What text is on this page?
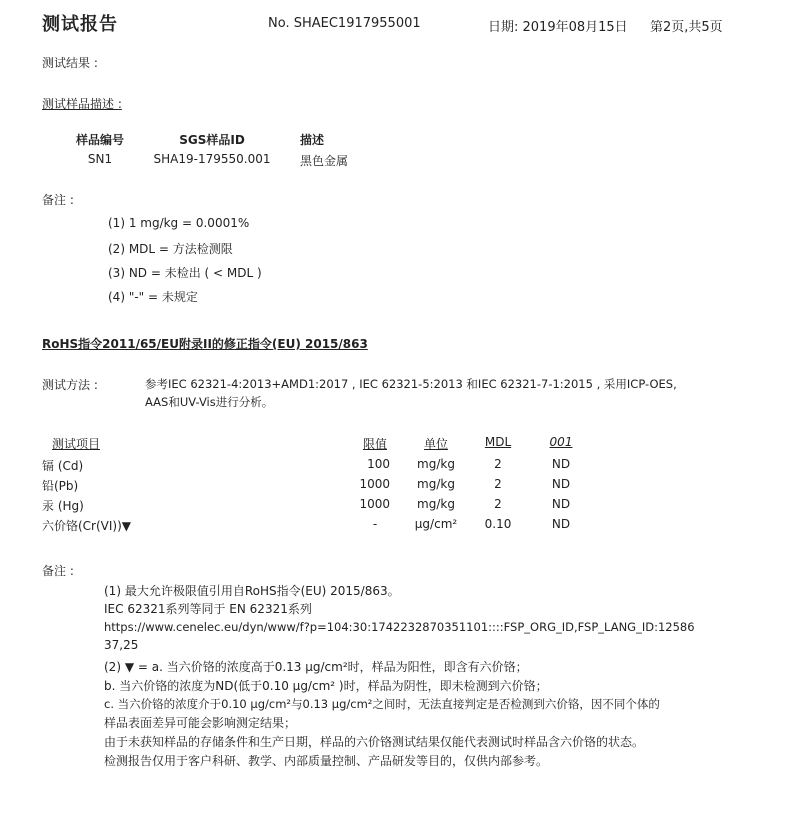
测试报告	No. SHAEC1917955001	日期: 2019年08月15日 第2页,共5页
测试结果 :
测试样品描述 :
样品编号	SGS样品ID	描述
SN1	SHA19-179550.001 黑色金属
备注 :
(1) 1 mg/kg = 0.0001%
(2) MDL = 方法检测限
(3) ND = 未检出 ( < MDL )
(4) "-" = 未规定
RoHS指令2011/65/EU附录II的修正指令(EU) 2015/863
测试方法 :	参考IEC 62321-4:2013+AMD1:2017 , IEC 62321-5:2013 和IEC 62321-7-1:2015 , 采用ICP-OES,
AAS和UV-Vis进行分析。
测试项目	限值	单位	MDL	001
镉 (Cd)	100	mg/kg	2	ND
铅(Pb)	1000	mg/kg	2	ND
汞 (Hg)	1000	mg/kg	2	ND
六价铬(Cr(VI))▼	-	µg/cm²	0.10	ND
备注 :
(1) 最大允许极限值引用自RoHS指令(EU) 2015/863。
IEC 62321系列等同于 EN 62321系列
https://www.cenelec.eu/dyn/www/f?p=104:30:1742232870351101::::FSP_ORG_ID,FSP_LANG_ID:12586
37,25
(2) ▼ = a. 当六价铬的浓度高于0.13 µg/cm²时，样品为阳性，即含有六价铬；
b. 当六价铬的浓度为ND(低于0.10 µg/cm² )时，样品为阴性，即未检测到六价铬；
c. 当六价铬的浓度介于0.10 µg/cm²与0.13 µg/cm²之间时，无法直接判定是否检测到六价铬，因不同个体的
样品表面差异可能会影响测定结果；
由于未获知样品的存储条件和生产日期，样品的六价铬测试结果仅能代表测试时样品含六价铬的状态。
检测报告仅用于客户科研、教学、内部质量控制、产品研发等目的，仅供内部参考。
